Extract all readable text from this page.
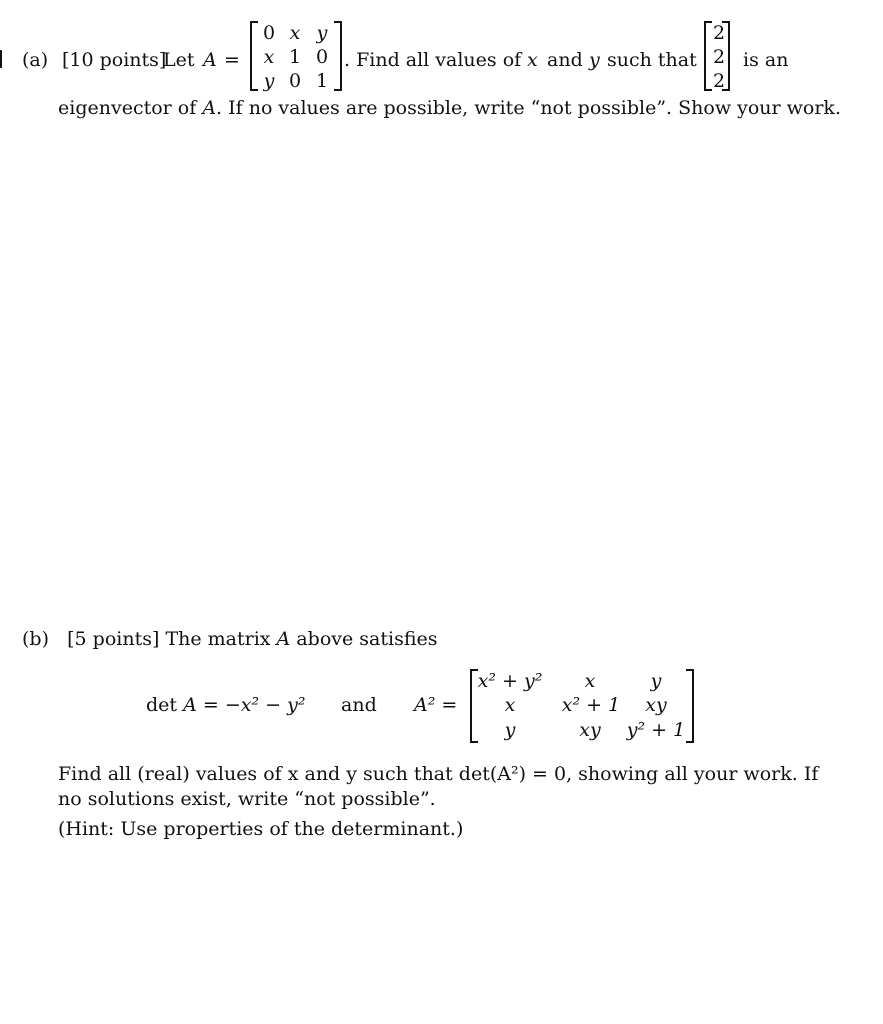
(a) [10 points]
Let A =
0 x y
x 1 0
y 0 1
. Find all values of x and y such that
2
2
2
is an
eigenvector of A. If no values are possible, write “not possible”. Show your work.
(b) [5 points] The matrix A above satisfies
det A = −x² − y² and A² =
x² + y²	x	y
x	x² + 1	xy
y	xy	y² + 1
Find all (real) values of x and y such that det(A²) = 0, showing all your work. If
no solutions exist, write “not possible”.
(Hint: Use properties of the determinant.)
